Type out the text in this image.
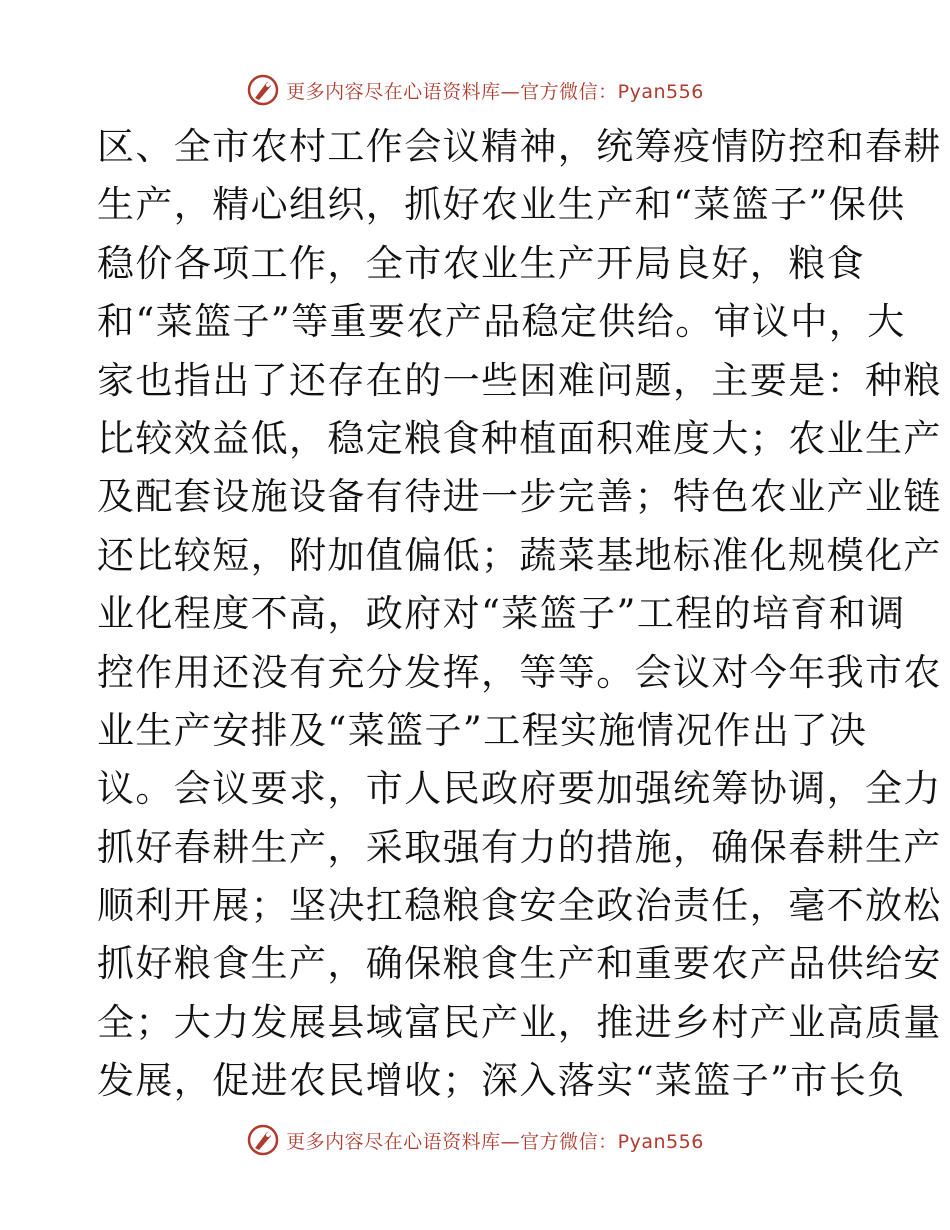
更多内容尽在心语资料库—官方微信：Pyan556
区、全市农村工作会议精神，统筹疫情防控和春耕
生产，精心组织，抓好农业生产和“菜篮子”保供
稳价各项工作，全市农业生产开局良好，粮食
和“菜篮子”等重要农产品稳定供给。审议中，大
家也指出了还存在的一些困难问题，主要是：种粮
比较效益低，稳定粮食种植面积难度大；农业生产
及配套设施设备有待进一步完善；特色农业产业链
还比较短，附加值偏低；蔬菜基地标准化规模化产
业化程度不高，政府对“菜篮子”工程的培育和调
控作用还没有充分发挥，等等。会议对今年我市农
业生产安排及“菜篮子”工程实施情况作出了决
议。会议要求，市人民政府要加强统筹协调，全力
抓好春耕生产，采取强有力的措施，确保春耕生产
顺利开展；坚决扛稳粮食安全政治责任，毫不放松
抓好粮食生产，确保粮食生产和重要农产品供给安
全；大力发展县域富民产业，推进乡村产业高质量
发展，促进农民增收；深入落实“菜篮子”市长负
更多内容尽在心语资料库—官方微信：Pyan556
